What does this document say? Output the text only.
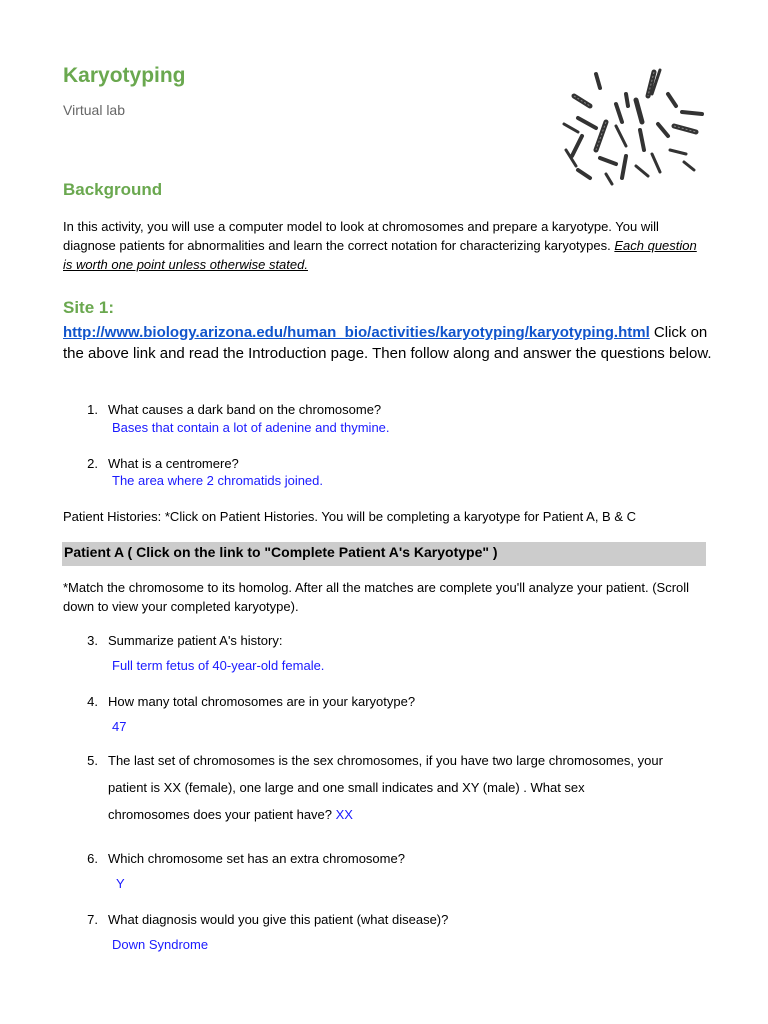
Karyotyping
Virtual lab
Background
In this activity, you will use a computer model to look at chromosomes and prepare a karyotype. You will diagnose patients for abnormalities and learn the correct notation for characterizing karyotypes. Each question is worth one point unless otherwise stated.
Site 1:
http://www.biology.arizona.edu/human_bio/activities/karyotyping/karyotyping.html Click on the above link and read the Introduction page. Then follow along and answer the questions below.
1. What causes a dark band on the chromosome?
Bases that contain a lot of adenine and thymine.
2. What is a centromere?
The area where 2 chromatids joined.
Patient Histories: *Click on Patient Histories. You will be completing a karyotype for Patient A, B & C
Patient A ( Click on the link to "Complete Patient A's Karyotype" )
*Match the chromosome to its homolog. After all the matches are complete you'll analyze your patient. (Scroll down to view your completed karyotype).
3. Summarize patient A's history:
Full term fetus of 40-year-old female.
4. How many total chromosomes are in your karyotype?
47
5. The last set of chromosomes is the sex chromosomes, if you have two large chromosomes, your
patient is XX (female), one large and one small indicates and XY (male) . What sex
chromosomes does your patient have? XX
6. Which chromosome set has an extra chromosome?
Y
7. What diagnosis would you give this patient (what disease)?
Down Syndrome
